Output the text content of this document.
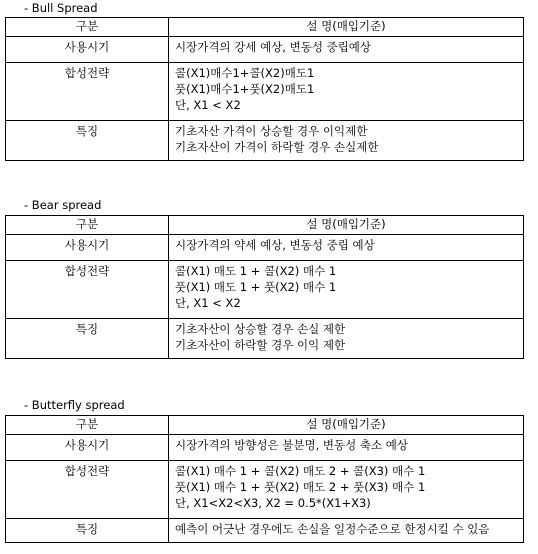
- Bull Spread
구분	설 명(매입기준)
사용시기	시장가격의 강세 예상, 변동성 중립예상

합성전략	콜(X1)매수1+콜(X2)매도1
풋(X1)매수1+풋(X2)매도1
단, X1 < X2

특징	기초자산 가격이 상승할 경우 이익제한
기초자산이 가격이 하락할 경우 손실제한
- Bear spread
구분	설 명(매입기준)
사용시기	시장가격의 약세 예상, 변동성 중립 예상

합성전략	콜(X1) 매도 1 + 콜(X2) 매수 1
풋(X1) 매도 1 + 풋(X2) 매수 1
단, X1 < X2

특징	기초자산이 상승할 경우 손실 제한
기초자산이 하락할 경우 이익 제한
- Butterfly spread
구분	설 명(매입기준)
사용시기	시장가격의 방향성은 불분명, 변동성 축소 예상

합성전략	콜(X1) 매수 1 + 콜(X2) 매도 2 + 콜(X3) 매수 1
풋(X1) 매수 1 + 풋(X2) 매도 2 + 풋(X3) 매수 1
단, X1<X2<X3, X2 = 0.5*(X1+X3)

특징	예측이 어긋난 경우에도 손실을 일정수준으로 한정시킬 수 있음
